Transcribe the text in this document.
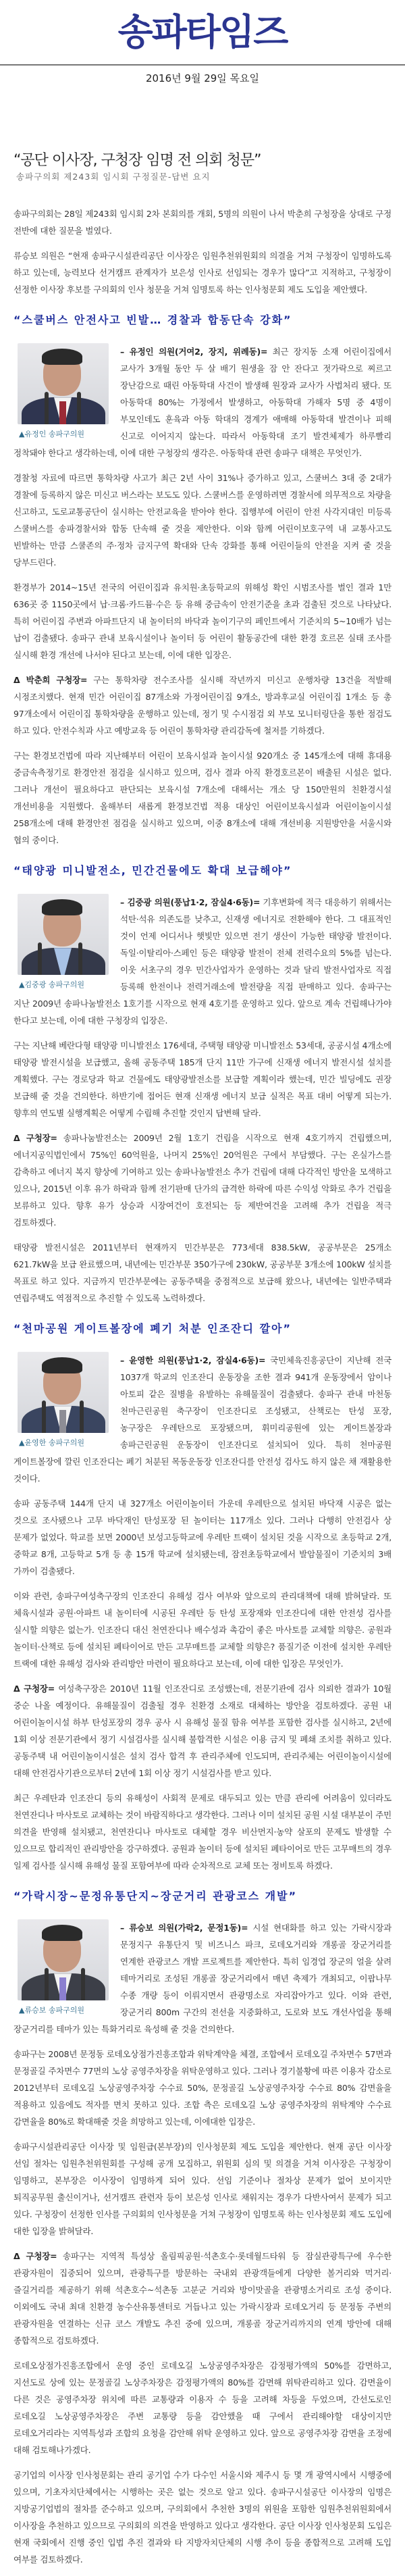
송파타임즈
2016년 9월 29일 목요일
“공단 이사장, 구청장 임명 전 의회 청문”
송파구의회 제243회 임시회 구정질문-답변 요지

송파구의회는 28일 제243회 임시회 2차 본회의를 개회, 5명의 의원이 나서 박춘희 구청장을 상대로 구정 전반에 대한 질문을 벌였다.

류승보 의원은 “현재 송파구시설관리공단 이사장은 임원추천위원회의 의결을 거쳐 구청장이 임명하도록 하고 있는데, 능력보다 선거캠프 관계자가 보은성 인사로 선임되는 경우가 많다”고 지적하고, 구청장이 선정한 이사장 후보를 구의회의 인사 청문을 거쳐 임명토록 하는 인사청문회 제도 도입을 제안했다.

“스쿨버스 안전사고 빈발… 경찰과 합동단속 강화”
▲유정인 송파구의원

– 유정인 의원(거여2, 장지, 위례동)= 최근 장지동 소재 어린이집에서 교사가 3개월 동안 두 살 배기 원생을 잠 안 잔다고 젓가락으로 찌르고 장난감으로 때린 아동학대 사건이 발생해 원장과 교사가 사법처리 됐다. 또 아동학대 80%는 가정에서 발생하고, 아동학대 가해자 5명 중 4명이 부모인데도 훈육과 아동 학대의 경계가 애매해 아동학대 발견이나 피해 신고로 이어지지 않는다. 따라서 아동학대 조기 발견체제가 하루빨리 정착돼야 한다고 생각하는데, 이에 대한 구청장의 생각은. 아동학대 관련 송파구 대책은 무엇인가.

경찰청 자료에 따르면 통학차량 사고가 최근 2년 사이 31%나 증가하고 있고, 스쿨버스 3대 중 2대가 경찰에 등록하지 않은 미신고 버스라는 보도도 있다. 스쿨버스를 운영하려면 경찰서에 의무적으로 차량을 신고하고, 도로교통공단이 실시하는 안전교육을 받아야 한다. 집행부에 어린이 안전 사각지대인 미등록 스쿨버스를 송파경찰서와 합동 단속해 줄 것을 제안한다. 이와 함께 어린이보호구역 내 교통사고도 빈발하는 만큼 스쿨존의 주·정차 금지구역 확대와 단속 강화를 통해 어린이들의 안전을 지켜 줄 것을 당부드린다.

환경부가 2014~15년 전국의 어린이집과 유치원·초등학교의 위해성 확인 시범조사를 벌인 결과 1만 636곳 중 1150곳에서 납·크롬·카드뮴·수은 등 유해 중금속이 안전기준을 초과 검출된 것으로 나타났다. 특히 어린이집 주변과 아파트단지 내 놀이터의 바닥과 놀이기구의 페인트에서 기준치의 5~10배가 넘는 납이 검출됐다. 송파구 관내 보육시설이나 놀이터 등 어린이 활동공간에 대한 환경 호르몬 실태 조사를 실시해 환경 개선에 나서야 된다고 보는데, 이에 대한 입장은.

Δ 박춘희 구청장= 구는 통학차량 전수조사를 실시해 작년까지 미신고 운행차량 13건을 적발해 시정조치했다. 현재 민간 어린이집 87개소와 가정어린이집 9개소, 방과후교실 어린이집 1개소 등 총 97개소에서 어린이집 통학차량을 운행하고 있는데, 정기 및 수시점검 외 부모 모니터링단을 통한 점검도 하고 있다. 안전수칙과 사고 예방교육 등 어린이 통학차량 관리감독에 철저를 기하겠다.

구는 환경보건법에 따라 지난해부터 어린이 보육시설과 놀이시설 920개소 중 145개소에 대해 휴대용 중금속측정기로 환경안전 점검을 실시하고 있으며, 검사 결과 아직 환경호르몬이 배출된 시설은 없다. 그러나 개선이 필요하다고 판단되는 보육시설 7개소에 대해서는 개소 당 150만원의 친환경시설 개선비용을 지원했다. 올해부터 새롭게 환경보건법 적용 대상인 어린이보육시설과 어린이놀이시설 258개소에 대해 환경안전 점검을 실시하고 있으며, 이중 8개소에 대해 개선비용 지원방안을 서울시와 협의 중이다.

“태양광 미니발전소, 민간건물에도 확대 보급해야”
▲김중광 송파구의원

– 김중광 의원(풍납1·2, 잠실4·6동)= 기후변화에 적극 대응하기 위해서는 석탄·석유 의존도를 낮추고, 신재생 에너지로 전환해야 한다. 그 대표적인 것이 언제 어디서나 햇빛만 있으면 전기 생산이 가능한 태양광 발전이다. 독일·이탈리아·스페인 등은 태양광 발전이 전체 전력수요의 5%를 넘는다. 이웃 서초구의 경우 민간사업자가 운영하는 것과 달리 발전사업자로 직접 등록해 한전이나 전력거래소에 발전량을 직접 판매하고 있다. 송파구는 지난 2009년 송파나눔발전소 1호기를 시작으로 현재 4호기를 운영하고 있다. 앞으로 계속 건립해나가야 한다고 보는데, 이에 대한 구청장의 입장은.

구는 지난해 베란다형 태양광 미니발전소 176세대, 주택형 태양광 미니발전소 53세대, 공공시설 4개소에 태양광 발전시설을 보급했고, 올해 공동주택 185개 단지 11만 가구에 신재생 에너지 발전시설 설치를 계획했다. 구는 경로당과 학교 건물에도 태양광발전소를 보급할 계획이라 했는데, 민간 빌딩에도 권장 보급해 줄 것을 건의한다. 하반기에 접어든 현재 신재생 에너지 보급 실적은 목표 대비 어떻게 되는가. 향후의 연도별 실행계획은 어떻게 수립해 추진할 것인지 답변해 달라.

Δ 구청장= 송파나눔발전소는 2009년 2월 1호기 건립을 시작으로 현재 4호기까지 건립했으며, 에너지공익법인에서 75%인 60억원을, 나머지 25%인 20억원은 구에서 부담했다. 구는 온실가스를 감축하고 에너지 복지 향상에 기여하고 있는 송파나눔발전소 추가 건립에 대해 다각적인 방안을 모색하고 있으나, 2015년 이후 유가 하락과 함께 전기판매 단가의 급격한 하락에 따른 수익성 악화로 추가 건립을 보류하고 있다. 향후 유가 상승과 시장여건이 호전되는 등 제반여건을 고려해 추가 건립을 적극 검토하겠다.

태양광 발전시설은 2011년부터 현재까지 민간부문은 773세대 838.5kW, 공공부문은 25개소 621.7kW을 보급 완료했으며, 내년에는 민간부문 350가구에 230kW, 공공부문 3개소에 100kW 설치를 목표로 하고 있다. 지금까지 민간부문에는 공동주택을 중점적으로 보급해 왔으나, 내년에는 일반주택과 연립주택도 역점적으로 추진할 수 있도록 노력하겠다.

“천마공원 게이트볼장에 폐기 처분 인조잔디 깔아”
▲윤영한 송파구의원

– 윤영한 의원(풍납1·2, 잠실4·6동)= 국민체육진흥공단이 지난해 전국 1037개 학교의 인조잔디 운동장을 조한 결과 941개 운동장에서 암이나 아토피 같은 질병을 유발하는 유해물질이 검출됐다. 송파구 관내 마천동 천마근린공원 축구장이 인조잔디로 조성됐고, 산책로는 탄성 포장, 농구장은 우레탄으로 포장됐으며, 휘미리공원에 있는 게이트볼장과 송파근린공원 운동장이 인조잔디로 설치되어 있다. 특히 천마공원 게이트볼장에 깔린 인조잔디는 폐기 처분된 목동운동장 인조잔디를 안전성 검사도 하지 않은 채 재활용한 것이다.

송파 공동주택 144개 단지 내 327개소 어린이놀이터 가운데 우레탄으로 설치된 바닥재 시공은 없는 것으로 조사됐으나 고무 바닥재인 탄성포장 된 놀이터는 117개소 있다. 그러나 다행히 안전검사 상 문제가 없었다. 학교를 보면 2000년 보성고등학교에 우레탄 트랙이 설치된 것을 시작으로 초등학교 2개, 중학교 8개, 고등학교 5개 등 총 15개 학교에 설치됐는데, 잠전초등학교에서 발암물질이 기준치의 3배 가까이 검출됐다.

이와 관련, 송파구여성축구장의 인조잔디 유해성 검사 여부와 앞으로의 관리대책에 대해 밝혀달라. 또 체육시설과 공원·아파트 내 놀이터에 시공된 우레탄 등 탄성 포장재와 인조잔디에 대한 안전성 검사를 실시할 의향은 없는가. 인조잔디 대신 천연잔디나 배수성과 촉감이 좋은 마사토를 교체할 의향은. 공원과 놀이터·산책로 등에 설치된 폐타이어로 만든 고무매트를 교체할 의향은? 품질기준 이전에 설치한 우레탄 트랙에 대한 유해성 검사와 관리방안 마련이 필요하다고 보는데, 이에 대한 입장은 무엇인가.

Δ 구청장= 여성축구장은 2010년 11월 인조잔디로 조성했는데, 전문기관에 검사 의뢰한 결과가 10월 중순 나올 예정이다. 유해물질이 검출될 경우 친환경 소재로 대체하는 방안을 검토하겠다. 공원 내 어린이놀이시설 하부 탄성포장의 경우 공사 시 유해성 물질 함유 여부를 포함한 검사를 실시하고, 2년에 1회 이상 전문기관에서 정기 시설검사를 실시해 불합격한 시설은 이용 금지 및 폐쇄 조치를 취하고 있다. 공동주택 내 어린이놀이시설은 설치 검사 합격 후 관리주체에 인도되며, 관리주체는 어린이놀이시설에 대해 안전검사기관으로부터 2년에 1회 이상 정기 시설검사를 받고 있다.

최근 우레탄과 인조잔디 등의 유해성이 사회적 문제로 대두되고 있는 만큼 관리에 어려움이 있더라도 천연잔디나 마사토로 교체하는 것이 바람직하다고 생각한다. 그러나 이미 설치된 공원 시설 대부분이 주민 의견을 반영해 설치됐고, 천연잔디나 마사토로 대체할 경우 비산먼지·농약 살포의 문제도 발생할 수 있으므로 합리적인 관리방안을 강구하겠다. 공원과 놀이터 등에 설치된 폐타이어로 만든 고무매트의 경우 일제 검사를 실시해 유해성 물질 포함여부에 따라 순차적으로 교체 또는 정비토록 하겠다.

“가락시장~문정유통단지~장군거리 관광코스 개발”
▲류승보 송파구의원

– 류승보 의원(가락2, 문정1동)= 시설 현대화를 하고 있는 가락시장과 문정지구 유통단지 및 비즈니스 파크, 로데오거리와 개롱골 장군거리를 연계한 관광코스 개발 프로젝트를 제안한다. 특히 임경업 장군의 얼을 살려 테마거리로 조성된 개롱골 장군거리에서 매년 축제가 개최되고, 이팝나무 수종 개량 등이 이뤄지면서 관광명소로 자리잡아가고 있다. 이와 관련, 장군거리 800m 구간의 전선을 지중화하고, 도로와 보도 개선사업을 통해 장군거리를 테마가 있는 특화거리로 육성해 줄 것을 건의한다.

송파구는 2008년 문정동 로데오상점가진흥조합과 위탁계약을 체결, 조합에서 로데오길 주차면수 57면과 문정골길 주차면수 77면의 노상 공영주차장을 위탁운영하고 있다. 그러나 경기불황에 따른 이용자 감소로 2012년부터 로데오길 노상공영주차장 수수료 50%, 문정골길 노상공영주차장 수수료 80% 감면율을 적용하고 있음에도 적자를 면치 못하고 있다. 조합 측은 로데오길 노상 공영주차장의 위탁계약 수수료 감면율을 80%로 확대해줄 것을 희망하고 있는데, 이에대한 입장은.

송파구시설관리공단 이사장 및 임원급(본부장)의 인사청문회 제도 도입을 제안한다. 현재 공단 이사장 선임 절차는 임원추천위원회를 구성해 공개 모집하고, 위원회 심의 및 의결을 거쳐 이사장은 구청장이 임명하고, 본부장은 이사장이 임명하게 되어 있다. 선임 기준이나 절차상 문제가 없어 보이지만 퇴직공무원 출신이거나, 선거캠프 관련자 등이 보은성 인사로 채워지는 경우가 다반사여서 문제가 되고 있다. 구청장이 선정한 인사를 구의회의 인사청문을 거쳐 구청장이 임명토록 하는 인사청문회 제도 도입에 대한 입장을 밝혀달라.

Δ 구청장= 송파구는 지역적 특성상 올림픽공원·석촌호수·롯데월드타워 등 잠실관광특구에 우수한 관광자원이 집중되어 있으며, 관광특구를 방문하는 국내외 관광객들에게 다양한 볼거리와 먹거리·즐길거리를 제공하기 위해 석촌호수~석촌동 고분군 거리와 방이맛골을 관광명소거리로 조성 중이다. 이외에도 국내 최대 친환경 농수산유통센터로 거듭나고 있는 가락시장과 로데오거리 등 문정동 주변의 관광자원을 연결하는 신규 코스 개발도 추진 중에 있으며, 개롱골 장군거리까지의 연계 방안에 대해 종합적으로 검토하겠다.

로데오상점가진흥조합에서 운영 중인 로데오길 노상공영주차장은 감정평가액의 50%를 감면하고, 지선도로 상에 있는 문정골길 노상주차장은 감정평가액의 80%를 감면해 위탁관리하고 있다. 감면율이 다른 것은 공영주차장 위치에 따른 교통량과 이용자 수 등을 고려해 차등을 두었으며, 간선도로인 로데오길 노상공영주차장은 주변 교통량 등을 감안했을 때 구에서 관리해야할 대상이지만 로데오거리라는 지역특성과 조합의 요청을 감안해 위탁 운영하고 있다. 앞으로 공영주차장 감면율 조정에 대해 검토해나가겠다.

공기업의 이사장 인사청문회는 관리 공기업 수가 다수인 서울시와 제주시 등 몇 개 광역시에서 시행중에 있으며, 기초자치단체에서는 시행하는 곳은 없는 것으로 알고 있다. 송파구시설공단 이사장의 임명은 지방공기업법의 절차를 준수하고 있으며, 구의회에서 추천한 3명의 위원을 포함한 임원추천위원회에서 이사장을 추천하고 있으므로 구의회의 의견을 반영하고 있다고 생각한다. 공단 이사장 인사청문회 도입은 현재 국회에서 진행 중인 입법 추진 결과와 타 지방자치단체의 시행 추이 등을 종합적으로 고려해 도입 여부를 검토하겠다.
